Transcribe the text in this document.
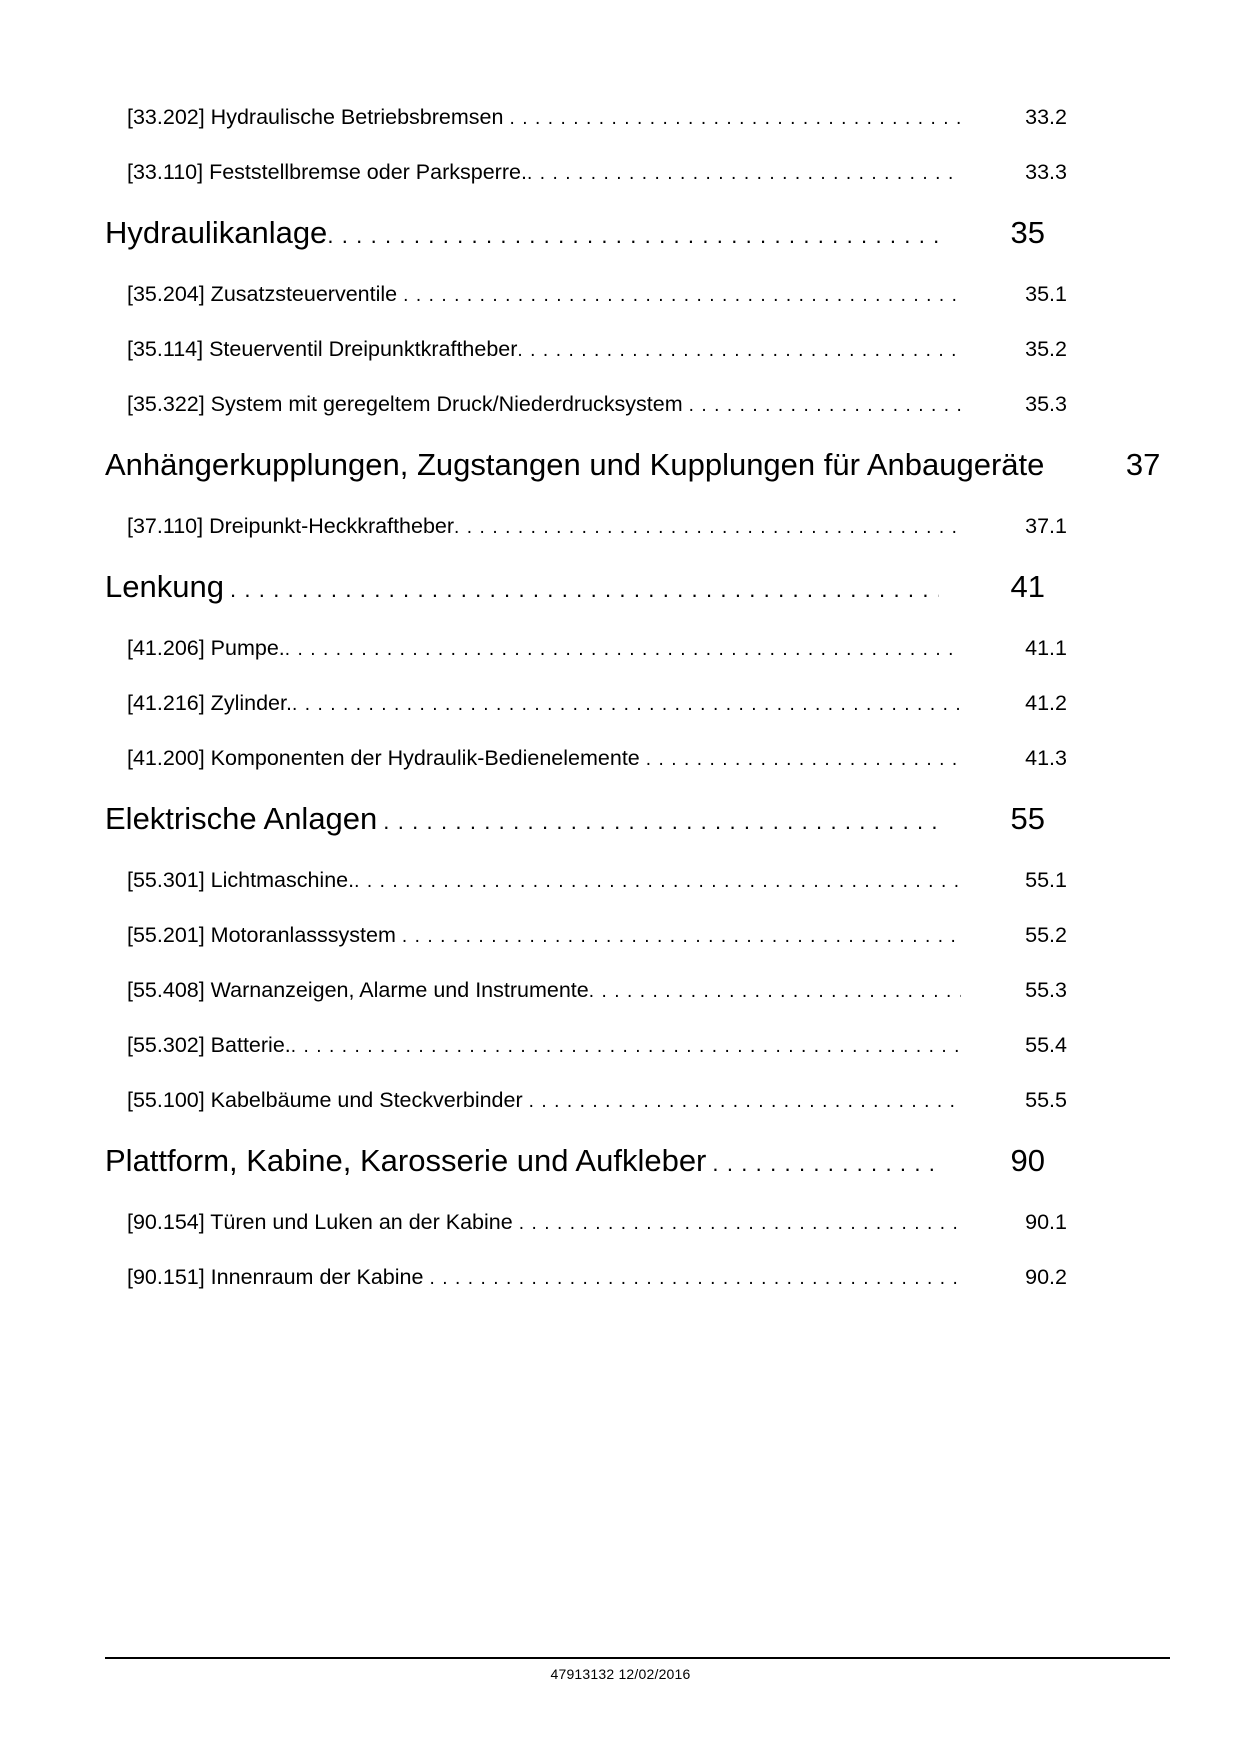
[33.202] Hydraulische Betriebsbremsen . . .	33.2
[33.110] Feststellbremse oder Parksperre. . . .	33.3
Hydraulikanlage . . .	35
[35.204] Zusatzsteuerventile . . .	35.1
[35.114] Steuerventil Dreipunktkraftheber . . .	35.2
[35.322] System mit geregeltem Druck/Niederdrucksystem . . .	35.3
Anhängerkupplungen, Zugstangen und Kupplungen für Anbaugeräte	37
[37.110] Dreipunkt-Heckkraftheber . . .	37.1
Lenkung . . .	41
[41.206] Pumpe. . . .	41.1
[41.216] Zylinder. . . .	41.2
[41.200] Komponenten der Hydraulik-Bedienelemente . . .	41.3
Elektrische Anlagen . . .	55
[55.301] Lichtmaschine. . . .	55.1
[55.201] Motoranlasssystem . . .	55.2
[55.408] Warnanzeigen, Alarme und Instrumente . . .	55.3
[55.302] Batterie. . . .	55.4
[55.100] Kabelbäume und Steckverbinder . . .	55.5
Plattform, Kabine, Karosserie und Aufkleber . . .	90
[90.154] Türen und Luken an der Kabine . . .	90.1
[90.151] Innenraum der Kabine . . .	90.2
47913132 12/02/2016
